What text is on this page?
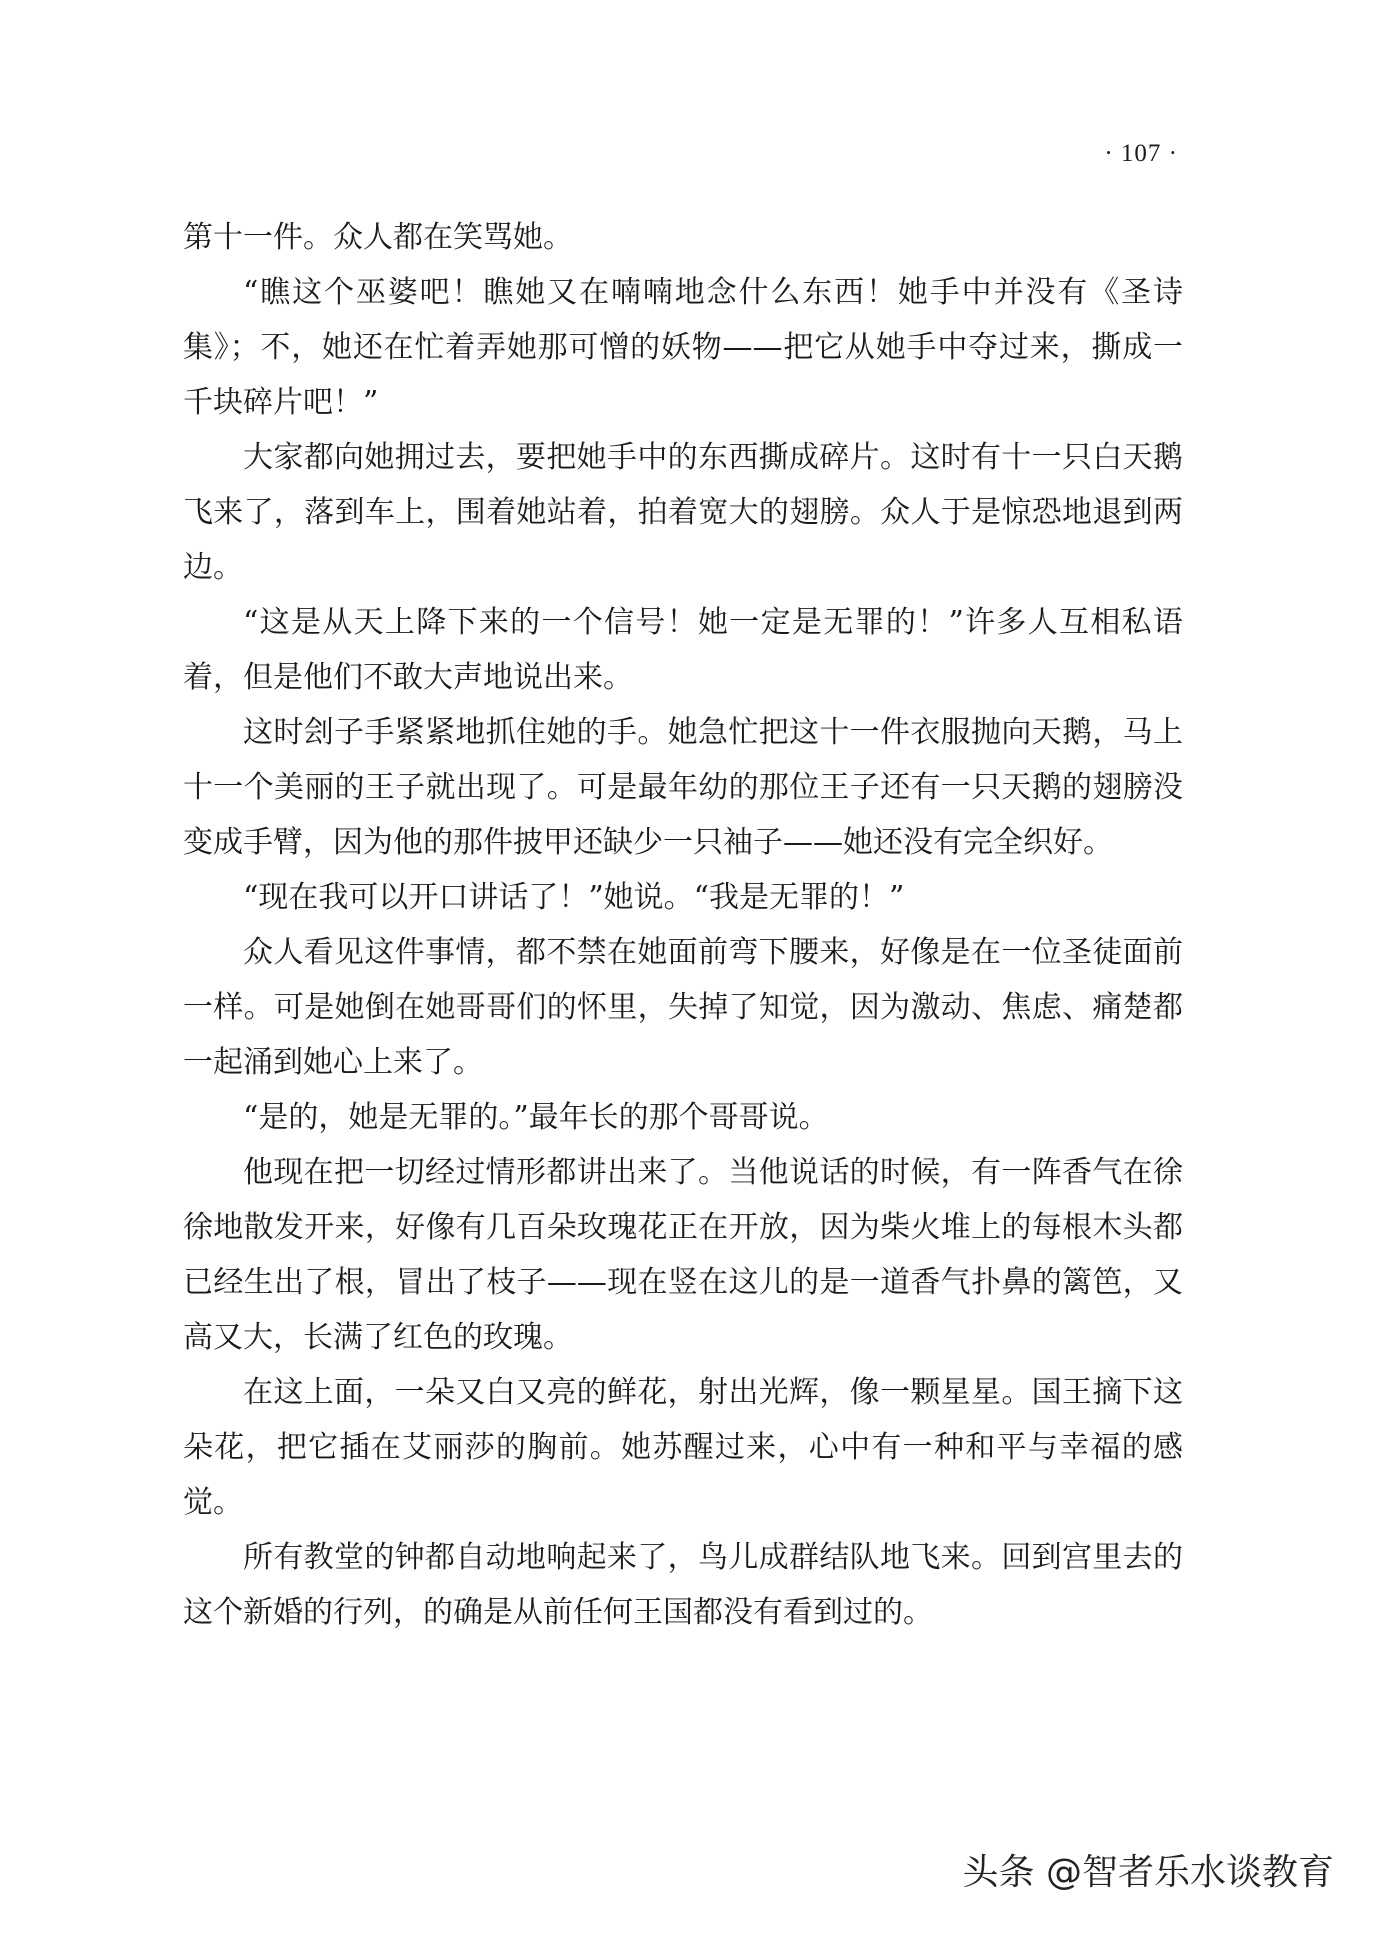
· 107 ·

第十一件。众人都在笑骂她。

“瞧这个巫婆吧！瞧她又在喃喃地念什么东西！她手中并没有《圣诗集》；不，她还在忙着弄她那可憎的妖物——把它从她手中夺过来，撕成一千块碎片吧！”

大家都向她拥过去，要把她手中的东西撕成碎片。这时有十一只白天鹅飞来了，落到车上，围着她站着，拍着宽大的翅膀。众人于是惊恐地退到两边。

“这是从天上降下来的一个信号！她一定是无罪的！”许多人互相私语着，但是他们不敢大声地说出来。

这时刽子手紧紧地抓住她的手。她急忙把这十一件衣服抛向天鹅，马上十一个美丽的王子就出现了。可是最年幼的那位王子还有一只天鹅的翅膀没变成手臂，因为他的那件披甲还缺少一只袖子——她还没有完全织好。

“现在我可以开口讲话了！”她说。“我是无罪的！”

众人看见这件事情，都不禁在她面前弯下腰来，好像是在一位圣徒面前一样。可是她倒在她哥哥们的怀里，失掉了知觉，因为激动、焦虑、痛楚都一起涌到她心上来了。

“是的，她是无罪的。”最年长的那个哥哥说。

他现在把一切经过情形都讲出来了。当他说话的时候，有一阵香气在徐徐地散发开来，好像有几百朵玫瑰花正在开放，因为柴火堆上的每根木头都已经生出了根，冒出了枝子——现在竖在这儿的是一道香气扑鼻的篱笆，又高又大，长满了红色的玫瑰。

在这上面，一朵又白又亮的鲜花，射出光辉，像一颗星星。国王摘下这朵花，把它插在艾丽莎的胸前。她苏醒过来，心中有一种和平与幸福的感觉。

所有教堂的钟都自动地响起来了，鸟儿成群结队地飞来。回到宫里去的这个新婚的行列，的确是从前任何王国都没有看到过的。

头条 @智者乐水谈教育
